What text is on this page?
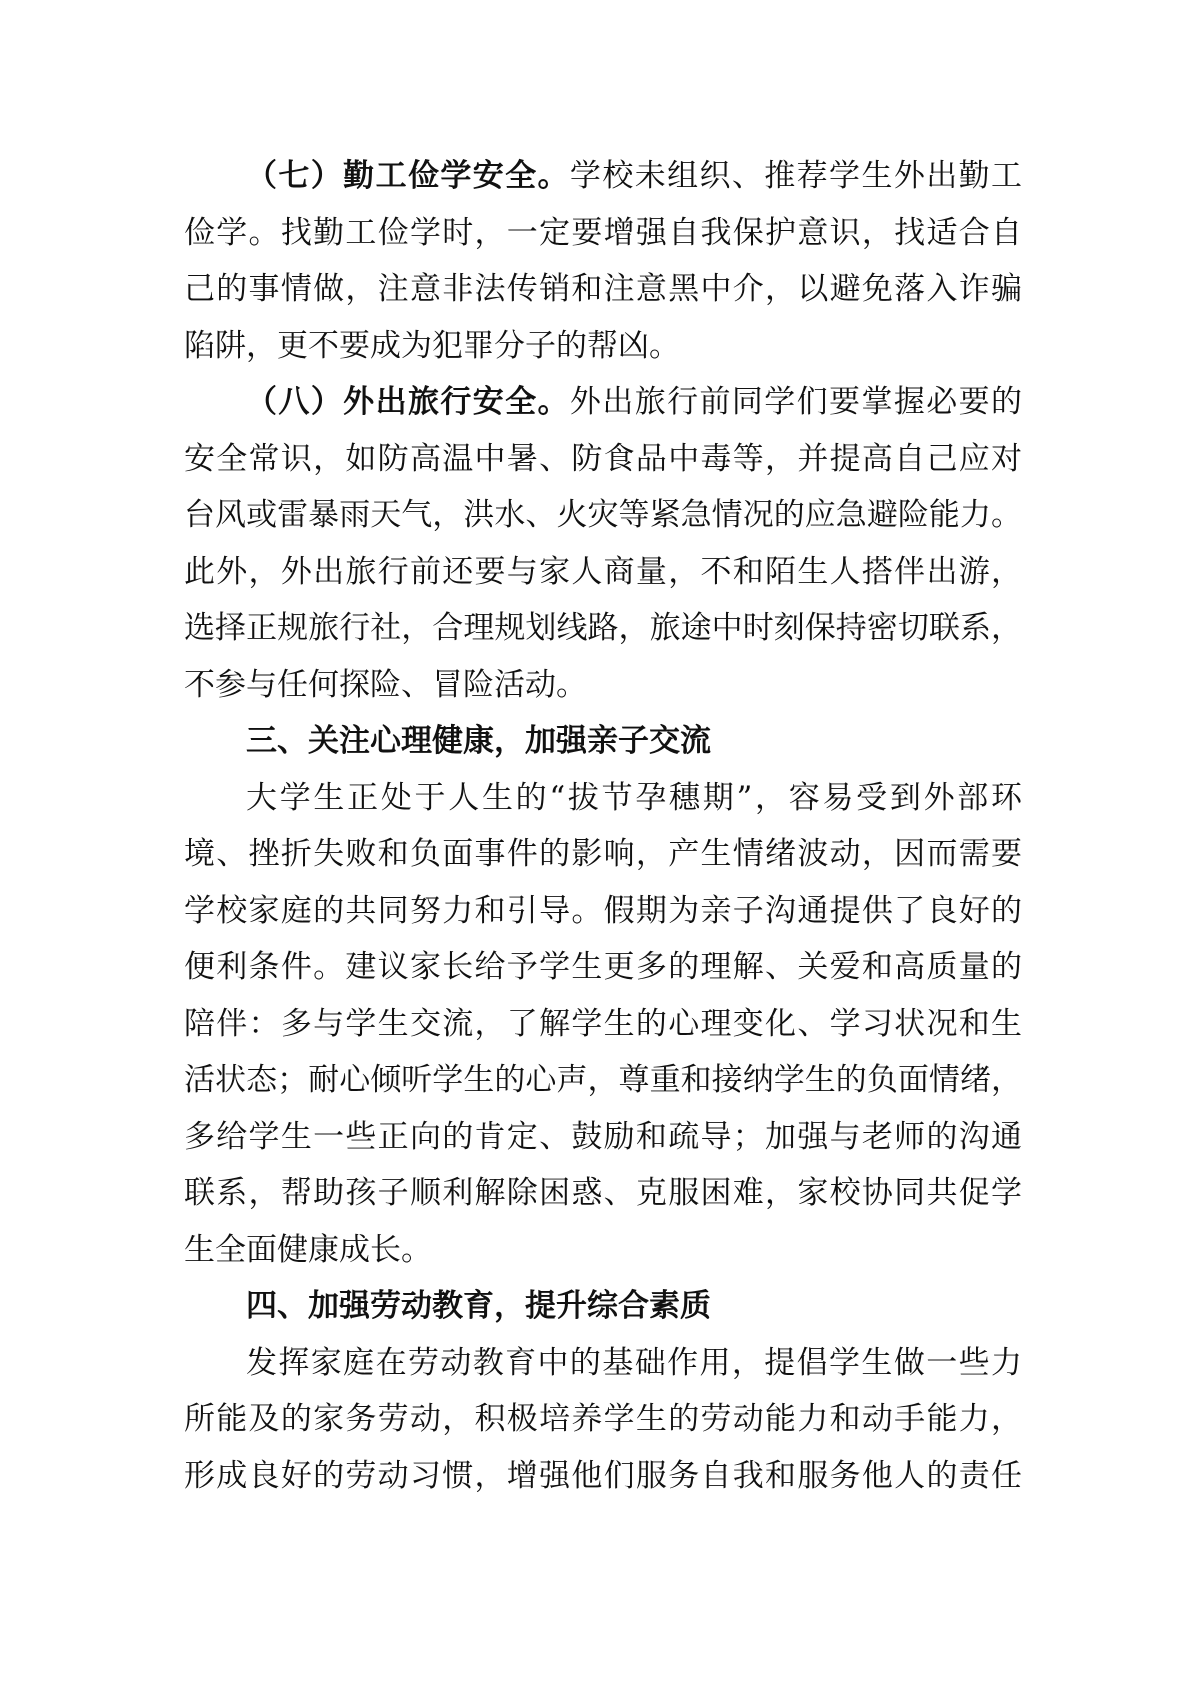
（七）勤工俭学安全。学校未组织、推荐学生外出勤工
俭学。找勤工俭学时，一定要增强自我保护意识，找适合自
己的事情做，注意非法传销和注意黑中介，以避免落入诈骗
陷阱，更不要成为犯罪分子的帮凶。
（八）外出旅行安全。外出旅行前同学们要掌握必要的
安全常识，如防高温中暑、防食品中毒等，并提高自己应对
台风或雷暴雨天气，洪水、火灾等紧急情况的应急避险能力。
此外，外出旅行前还要与家人商量，不和陌生人搭伴出游，
选择正规旅行社，合理规划线路，旅途中时刻保持密切联系，
不参与任何探险、冒险活动。
三、关注心理健康，加强亲子交流
大学生正处于人生的“拔节孕穗期”，容易受到外部环
境、挫折失败和负面事件的影响，产生情绪波动，因而需要
学校家庭的共同努力和引导。假期为亲子沟通提供了良好的
便利条件。建议家长给予学生更多的理解、关爱和高质量的
陪伴：多与学生交流，了解学生的心理变化、学习状况和生
活状态；耐心倾听学生的心声，尊重和接纳学生的负面情绪，
多给学生一些正向的肯定、鼓励和疏导；加强与老师的沟通
联系，帮助孩子顺利解除困惑、克服困难，家校协同共促学
生全面健康成长。
四、加强劳动教育，提升综合素质
发挥家庭在劳动教育中的基础作用，提倡学生做一些力
所能及的家务劳动，积极培养学生的劳动能力和动手能力，
形成良好的劳动习惯，增强他们服务自我和服务他人的责任
